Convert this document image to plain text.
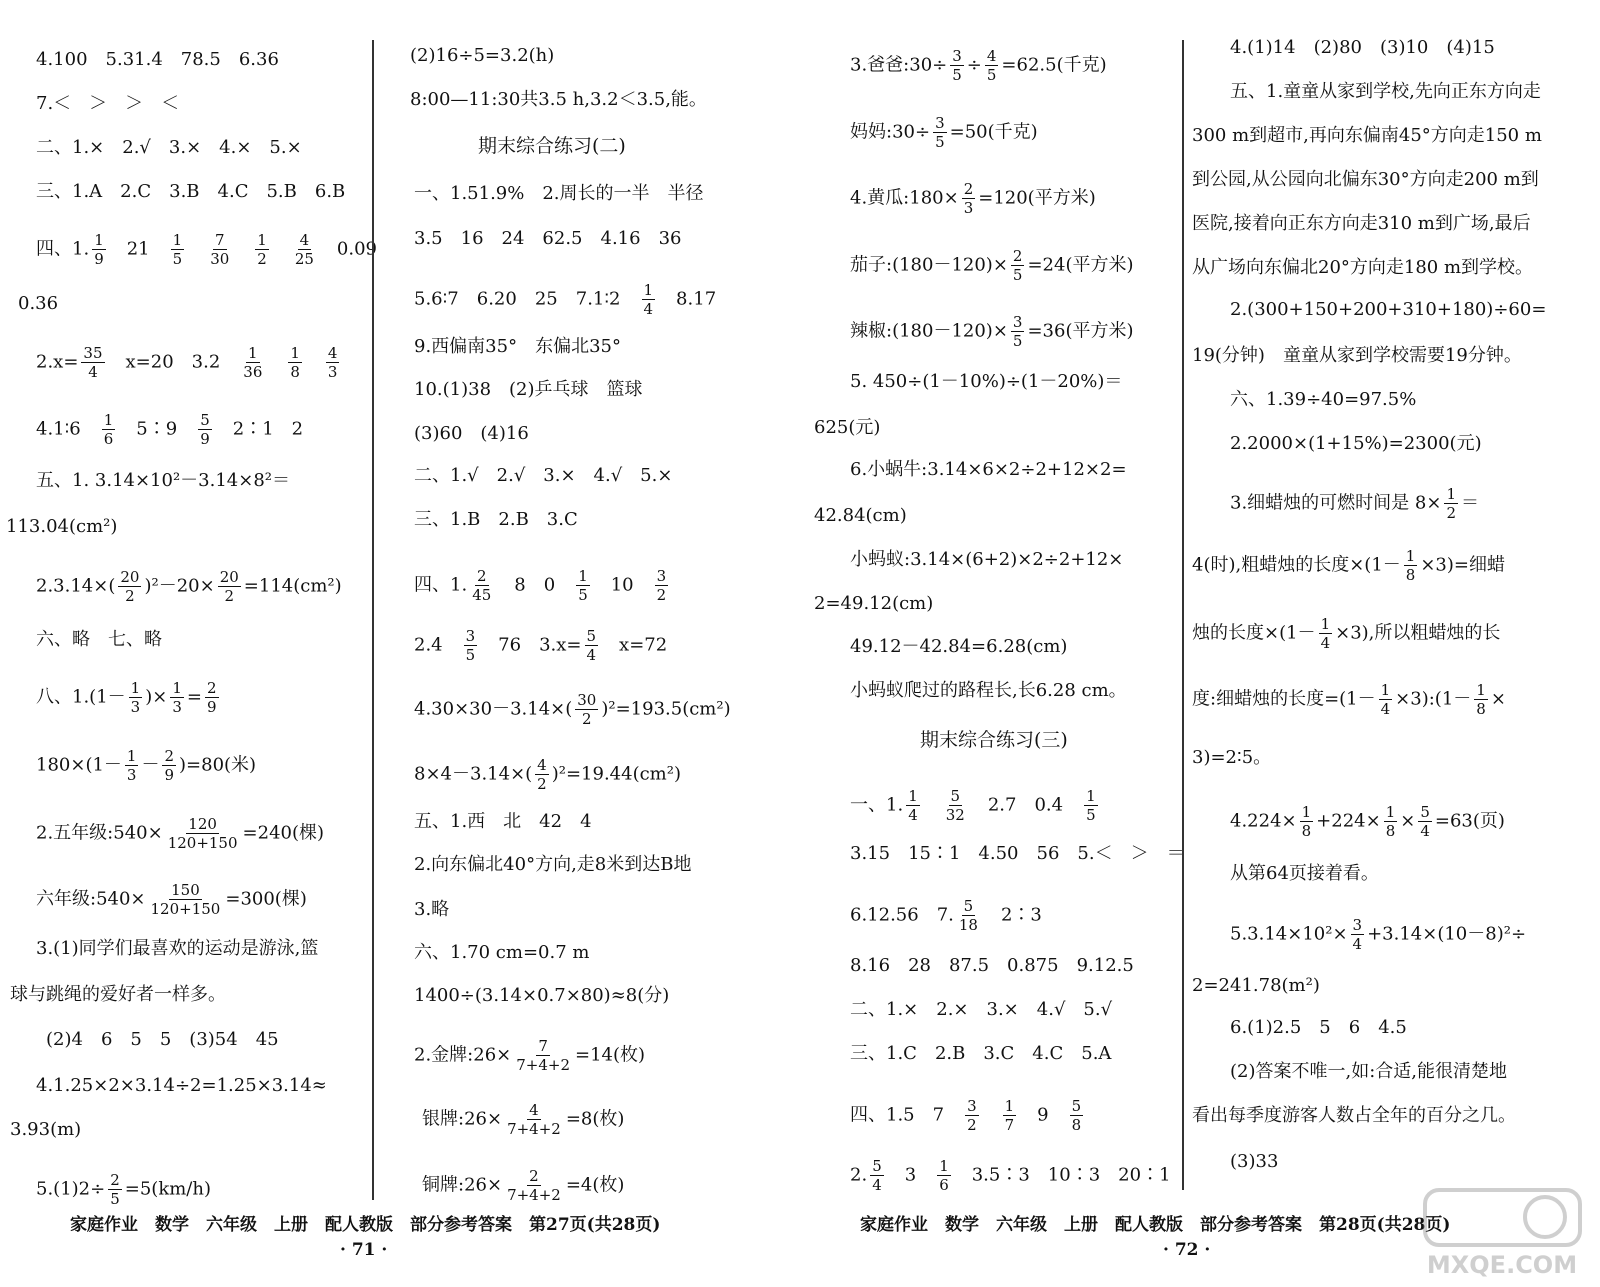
4.100　5.31.4　78.5　6.36
7.＜　＞　＞　＜
二、1.×　2.√　3.×　4.×　5.×
三、1.A　2.C　3.B　4.C　5.B　6.B
四、1. $\frac{1}{9}$ 　21　 $\frac{1}{5}$
　 $\frac{7}{30}$
　 $\frac{1}{2}$
　 $\frac{4}{25}$ 　0.09
0.36
$2.x= \frac{35}{4}$ 　x=20　3.2　 $\frac{1}{36}$
　 $\frac{1}{8}$
　 $\frac{4}{3}$
4.1∶6　 $\frac{1}{6}$ 　5∶9　 $\frac{5}{9}$ 　2∶1　2
五、1. 3.14×10²－3.14×8²＝
113.04(cm²)
$2.3.14\times( \frac{20}{2} )^2-20\times \frac{20}{2} =114(cm^2)$
六、略　七、略
八、$1.(1- \frac{1}{3}$ )× $\frac{1}{3} = \frac{2}{9}$
$180\times(1- \frac{1}{3} - \frac{2}{9} )=80$(米)
2.五年级:540× $\frac{120}{120+150} =240$(棵)
六年级:540× $\frac{150}{120+150} =300$(棵)
3.(1)同学们最喜欢的运动是游泳,篮
球与跳绳的爱好者一样多。
(2)4　6　5　5　(3)54　45
4.1.25×2×3.14÷2=1.25×3.14≈
3.93(m)
$5.(1)2\div \frac{2}{5} =5(km/h)$
(2)16÷5=3.2(h)
8:00—11:30共3.5 h,3.2＜3.5,能。
期末综合练习(二)
一、1.51.9%　2.周长的一半　半径
3.5　16　24　62.5　4.16　36
5.6∶7　6.20　25　7.1∶2　 $\frac{1}{4}$ 　8.17
9.西偏南35°　东偏北35°
10.(1)38　(2)乒乓球　篮球
(3)60　(4)16
二、1.√　2.√　3.×　4.√　5.×
三、1.B　2.B　3.C
四、1. $\frac{2}{45}$ 　8　0　 $\frac{1}{5}$ 　10　 $\frac{3}{2}$
2.4　 $\frac{3}{5}$ 　76　$3.x= \frac{5}{4}$ 　x=72
$4.30\times 30-3.14\times( \frac{30}{2} )^2=193.5(cm^2)$
$8\times 4-3.14\times( \frac{4}{2} )^2=19.44(cm^2)$
五、1.西　北　42　4
2.向东偏北40°方向,走8米到达B地
3.略
六、1.70 cm=0.7 m
1400÷(3.14×0.7×80)≈8(分)
2.金牌:26× $\frac{7}{7+4+2} =14$(枚)
银牌:26× $\frac{4}{7+4+2} =8$(枚)
铜牌:26× $\frac{2}{7+4+2} =4$(枚)
3.爸爸:30÷ $\frac{3}{5} \div \frac{4}{5} =62.5$(千克)
妈妈:30÷ $\frac{3}{5} =50$(千克)
4.黄瓜:180× $\frac{2}{3} =120$(平方米)
茄子:(180－120)× $\frac{2}{5} =24$(平方米)
辣椒:(180－120)× $\frac{3}{5} =36$(平方米)
5. 450÷(1－10%)÷(1－20%)＝
625(元)
6.小蜗牛:3.14×6×2÷2+12×2=
42.84(cm)
小蚂蚁:3.14×(6+2)×2÷2+12×
2=49.12(cm)
49.12－42.84=6.28(cm)
小蚂蚁爬过的路程长,长6.28 cm。
期末综合练习(三)
一、1. $\frac{1}{4}$
　 $\frac{5}{32}$ 　2.7　0.4　 $\frac{1}{5}$
3.15　15∶1　4.50　56　5.＜　＞　＝
6.12.56　7. $\frac{5}{18}$ 　2∶3
8.16　28　87.5　0.875　9.12.5
二、1.×　2.×　3.×　4.√　5.√
三、1.C　2.B　3.C　4.C　5.A
四、1.5　7　 $\frac{3}{2}$
　 $\frac{1}{7}$ 　9　 $\frac{5}{8}$
2. $\frac{5}{4}$ 　3　 $\frac{1}{6}$ 　3.5∶3　10∶3　20∶1
4.(1)14　(2)80　(3)10　(4)15
五、1.童童从家到学校,先向正东方向走
300 m到超市,再向东偏南45°方向走150 m
到公园,从公园向北偏东30°方向走200 m到
医院,接着向正东方向走310 m到广场,最后
从广场向东偏北20°方向走180 m到学校。
2.(300+150+200+310+180)÷60=
19(分钟)　童童从家到学校需要19分钟。
六、1.39÷40=97.5%
2.2000×(1+15%)=2300(元)
3.细蜡烛的可燃时间是 $8\times \frac{1}{2}$ ＝
4(时),粗蜡烛的长度$\times(1- \frac{1}{8} \times 3)=$细蜡
烛的长度$\times(1- \frac{1}{4} \times 3)$,所以粗蜡烛的长
度:细蜡烛的长度$=(1- \frac{1}{4}$ ×3):(1－ $\frac{1}{8}$ ×
3)=2∶5。
$4.224\times \frac{1}{8} +224\times \frac{1}{8} \times \frac{5}{4} =63$(页)
从第64页接着看。
$5.3.14\times 10^2\times \frac{3}{4} +3.14\times(10-8)^2\div$
2=241.78(m²)
6.(1)2.5　5　6　4.5
(2)答案不唯一,如:合适,能很清楚地
看出每季度游客人数占全年的百分之几。
(3)33
家庭作业　数学　六年级　上册　配人教版　部分参考答案　第27页(共28页)	家庭作业　数学　六年级　上册　配人教版　部分参考答案　第28页(共28页)
· 71 ·	· 72 ·
MXQE.COM
